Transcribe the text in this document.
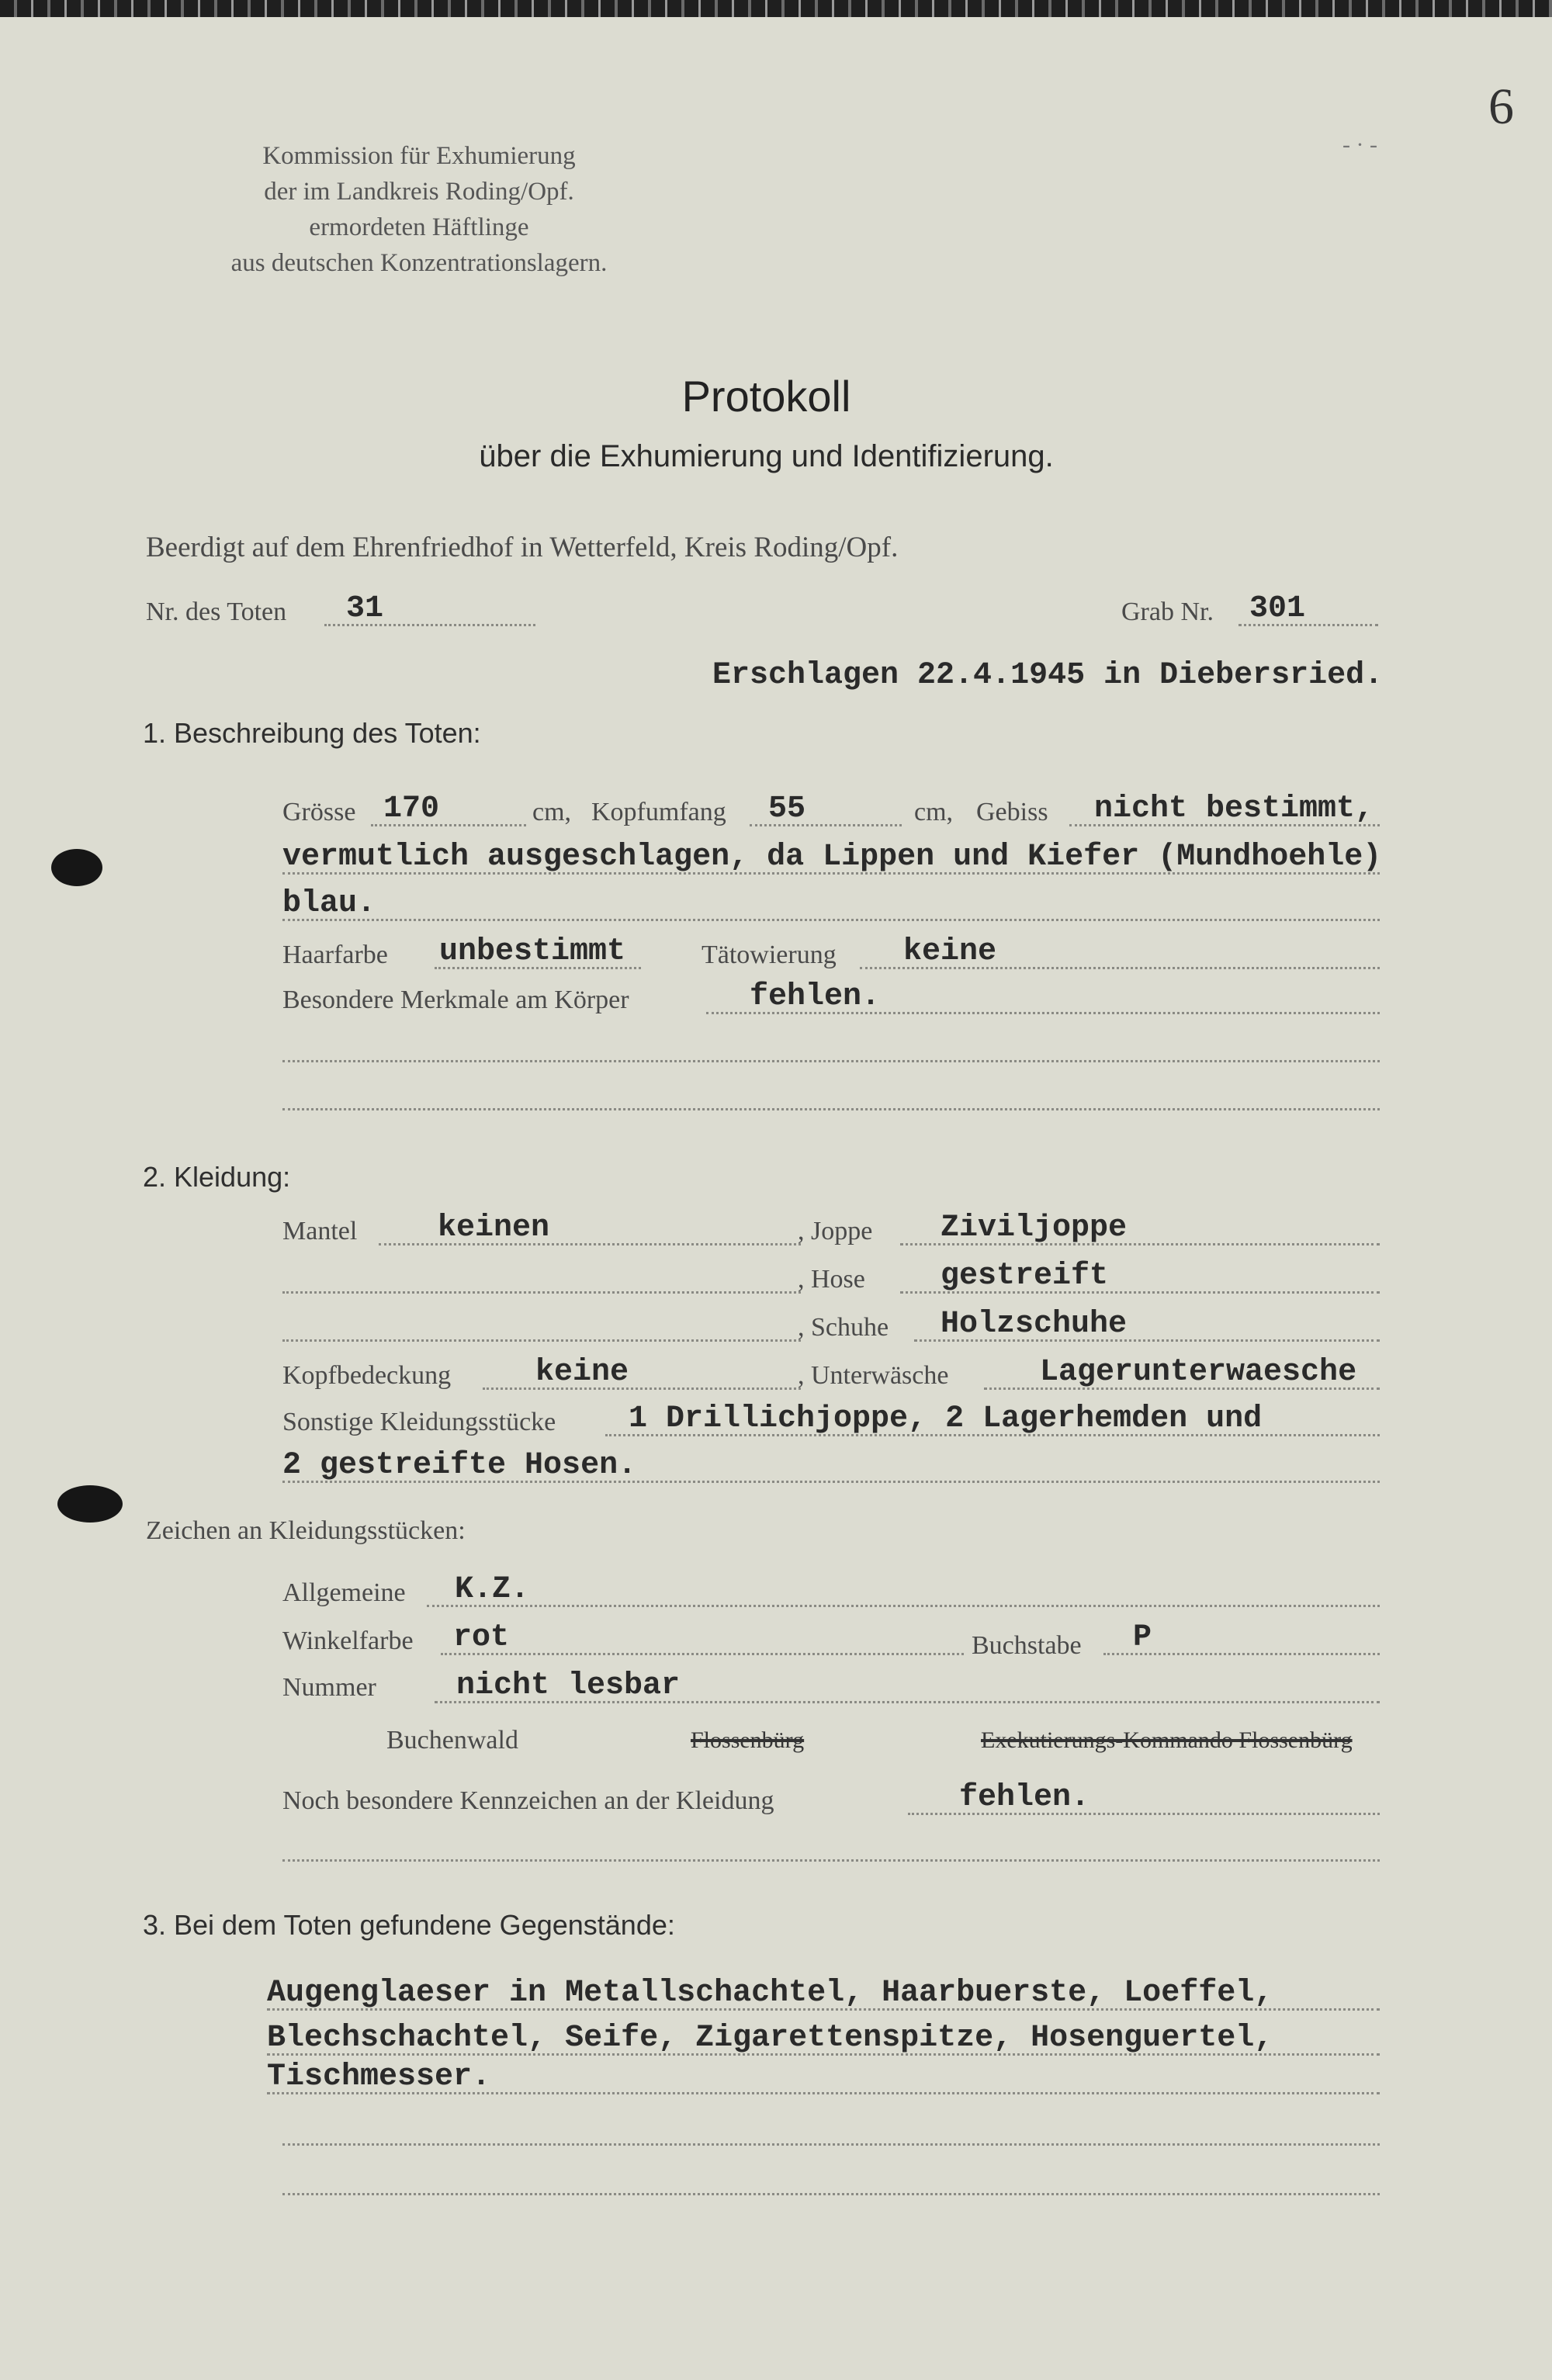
6
- · -
Kommission für Exhumierung
der im Landkreis Roding/Opf.
ermordeten Häftlinge
aus deutschen Konzentrationslagern.
Protokoll
über die Exhumierung und Identifizierung.
Beerdigt auf dem Ehrenfriedhof in Wetterfeld, Kreis Roding/Opf.
Nr. des Toten 31	Grab Nr. 301
Erschlagen 22.4.1945 in Diebersried.
1. Beschreibung des Toten:
Grösse 170	cm, Kopfumfang 55	cm, Gebiss nicht bestimmt,
vermutlich ausgeschlagen, da Lippen und Kiefer (Mundhoehle)
blau.
Haarfarbe unbestimmt	Tätowierung keine
Besondere Merkmale am Körper	fehlen.
2. Kleidung:
Mantel	keinen	, Joppe Ziviljoppe
, Hose gestreift
, Schuhe Holzschuhe
Kopfbedeckung	keine	, Unterwäsche	Lagerunterwaesche
Sonstige Kleidungsstücke 1 Drillichjoppe, 2 Lagerhemden und
2 gestreifte Hosen.
Zeichen an Kleidungsstücken:
Allgemeine K.Z.
Winkelfarbe rot	Buchstabe P
Nummer	nicht lesbar
Buchenwald	Flossenbürg	Exekutierungs-Kommando Flossenbürg
Noch besondere Kennzeichen an der Kleidung	fehlen.
3. Bei dem Toten gefundene Gegenstände:
Augenglaeser in Metallschachtel, Haarbuerste, Loeffel,
Blechschachtel, Seife, Zigarettenspitze, Hosenguertel,
Tischmesser.
